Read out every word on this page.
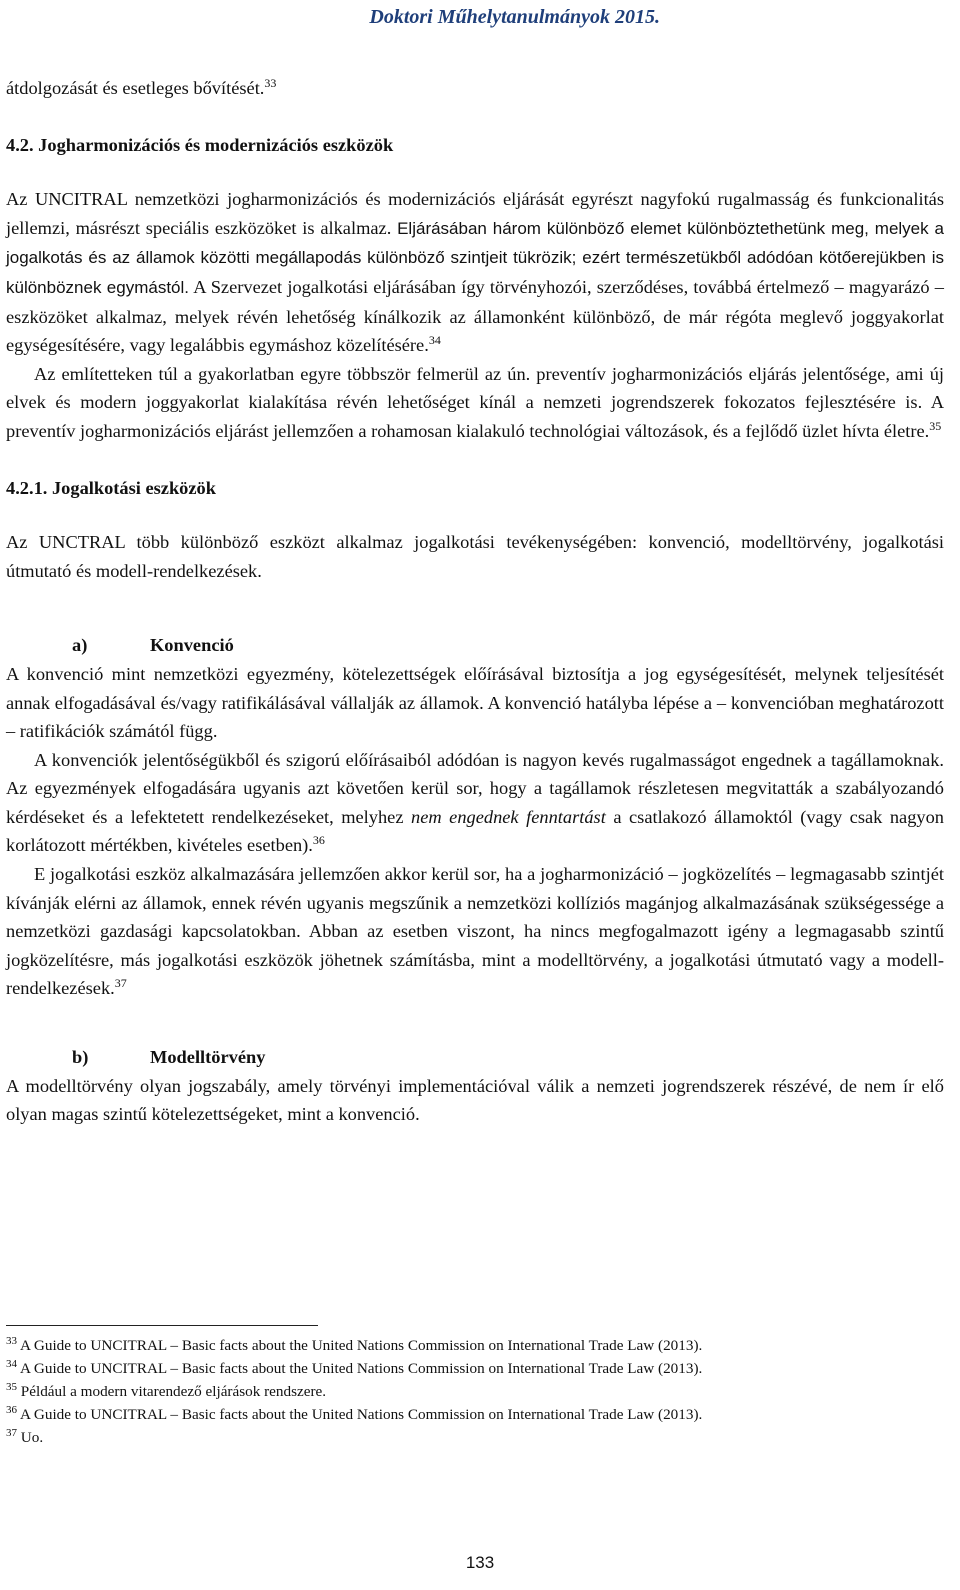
Doktori Műhelytanulmányok 2015.

átdolgozását és esetleges bővítését.$^{33}$

4.2. Jogharmonizációs és modernizációs eszközök

Az UNCITRAL nemzetközi jogharmonizációs és modernizációs eljárását egyrészt nagyfokú rugalmasság és funkcionalitás jellemzi, másrészt speciális eszközöket is alkalmaz. Eljárásában három különböző elemet különböztethetünk meg, melyek a jogalkotás és az államok közötti megállapodás különböző szintjeit tükrözik; ezért természetükből adódóan kötőerejükben is különböznek egymástól. A Szervezet jogalkotási eljárásában így törvényhozói, szerződéses, továbbá értelmező – magyarázó – eszközöket alkalmaz, melyek révén lehetőség kínálkozik az államonként különböző, de már régóta meglevő joggyakorlat egységesítésére, vagy legalábbis egymáshoz közelítésére.$^{34}$

Az említetteken túl a gyakorlatban egyre többször felmerül az ún. preventív jogharmonizációs eljárás jelentősége, ami új elvek és modern joggyakorlat kialakítása révén lehetőséget kínál a nemzeti jogrendszerek fokozatos fejlesztésére is. A preventív jogharmonizációs eljárást jellemzően a rohamosan kialakuló technológiai változások, és a fejlődő üzlet hívta életre.$^{35}$

4.2.1. Jogalkotási eszközök

Az UNCTRAL több különböző eszközt alkalmaz jogalkotási tevékenységében: konvenció, modelltörvény, jogalkotási útmutató és modell-rendelkezések.

a)	Konvenció

A konvenció mint nemzetközi egyezmény, kötelezettségek előírásával biztosítja a jog egységesítését, melynek teljesítését annak elfogadásával és/vagy ratifikálásával vállalják az államok. A konvenció hatályba lépése a – konvencióban meghatározott – ratifikációk számától függ.

A konvenciók jelentőségükből és szigorú előírásaiból adódóan is nagyon kevés rugalmasságot engednek a tagállamoknak. Az egyezmények elfogadására ugyanis azt követően kerül sor, hogy a tagállamok részletesen megvitatták a szabályozandó kérdéseket és a lefektetett rendelkezéseket, melyhez nem engednek fenntartást a csatlakozó államoktól (vagy csak nagyon korlátozott mértékben, kivételes esetben).$^{36}$

E jogalkotási eszköz alkalmazására jellemzően akkor kerül sor, ha a jogharmonizáció – jogközelítés – legmagasabb szintjét kívánják elérni az államok, ennek révén ugyanis megszűnik a nemzetközi kollíziós magánjog alkalmazásának szükségessége a nemzetközi gazdasági kapcsolatokban. Abban az esetben viszont, ha nincs megfogalmazott igény a legmagasabb szintű jogközelítésre, más jogalkotási eszközök jöhetnek számításba, mint a modelltörvény, a jogalkotási útmutató vagy a modell-rendelkezések.$^{37}$

b)	Modelltörvény

A modelltörvény olyan jogszabály, amely törvényi implementációval válik a nemzeti jogrendszerek részévé, de nem ír elő olyan magas szintű kötelezettségeket, mint a konvenció.

$^{33}$ A Guide to UNCITRAL – Basic facts about the United Nations Commission on International Trade Law (2013).

$^{34}$ A Guide to UNCITRAL – Basic facts about the United Nations Commission on International Trade Law (2013).

$^{35}$ Például a modern vitarendező eljárások rendszere.

$^{36}$ A Guide to UNCITRAL – Basic facts about the United Nations Commission on International Trade Law (2013).

$^{37}$ Uo.

133
